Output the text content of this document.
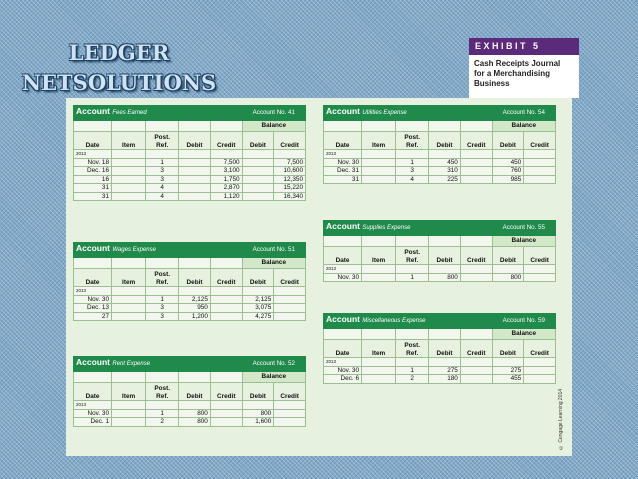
LEDGER
NETSOLUTIONS
EXHIBIT 5
Cash Receipts Journal
for a Merchandising
Business
Account Fees Earned					Account No. 41	
					Balance	
Date	Item	Post. Ref.	Debit	Credit	Debit	Credit
2013						
Nov. 18		1		7,500		7,500
Dec. 16		3		3,100		10,600
16		3		1,750		12,350
31		4		2,870		15,220
31		4		1,120		16,340
Account Wages Expense					Account No. 51	
					Balance	
Date	Item	Post. Ref.	Debit	Credit	Debit	Credit
2013						
Nov. 30		1	2,125		2,125	
Dec. 13		3	950		3,075	
27		3	1,200		4,275	
Account Rent Expense					Account No. 52	
					Balance	
Date	Item	Post. Ref.	Debit	Credit	Debit	Credit
2013						
Nov. 30		1	800		800	
Dec. 1		2	800		1,600	
Account Utilities Expense					Account No. 54	
					Balance	
Date	Item	Post. Ref.	Debit	Credit	Debit	Credit
2013						
Nov. 30		1	450		450	
Dec. 31		3	310		760	
31		4	225		985	
Account Supplies Expense					Account No. 55	
					Balance	
Date	Item	Post. Ref.	Debit	Credit	Debit	Credit
2013						
Nov. 30		1	800		800	
Account Miscellaneous Expense					Account No. 59	
					Balance	
Date	Item	Post. Ref.	Debit	Credit	Debit	Credit
2013						
Nov. 30		1	275		275	
Dec. 6		2	180		455	
© Cengage Learning 2014
